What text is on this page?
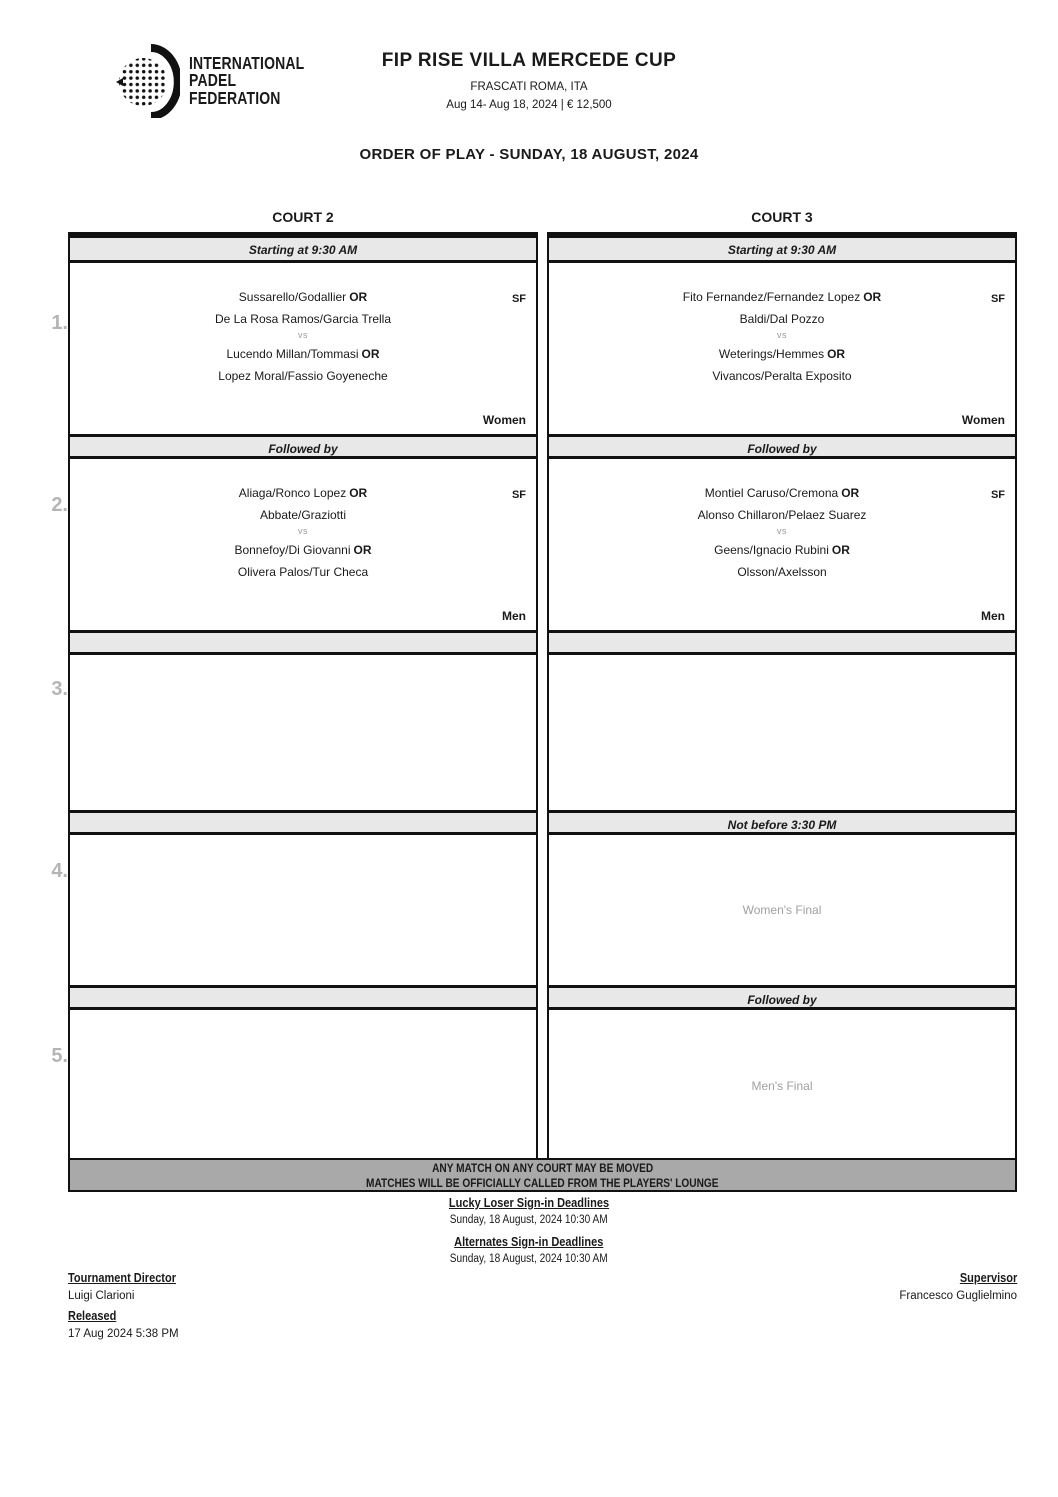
INTERNATIONAL
PADEL
FEDERATION
FIP RISE VILLA MERCEDE CUP
FRASCATI ROMA, ITA
Aug 14- Aug 18, 2024 | € 12,500
ORDER OF PLAY - SUNDAY, 18 AUGUST, 2024
COURT 2	COURT 3
Starting at 9:30 AM
SF
Sussarello/Godallier OR
De La Rosa Ramos/Garcia Trella
vs
Lucendo Millan/Tommasi OR
Lopez Moral/Fassio Goyeneche
Women
Followed by
SF
Aliaga/Ronco Lopez OR
Abbate/Graziotti
vs
Bonnefoy/Di Giovanni OR
Olivera Palos/Tur Checa
Men
Starting at 9:30 AM
SF
Fito Fernandez/Fernandez Lopez OR
Baldi/Dal Pozzo
vs
Weterings/Hemmes OR
Vivancos/Peralta Exposito
Women
Followed by
SF
Montiel Caruso/Cremona OR
Alonso Chillaron/Pelaez Suarez
vs
Geens/Ignacio Rubini OR
Olsson/Axelsson
Men
Not before 3:30 PM
Women's Final
Followed by
Men's Final
1.
2.
3.
4.
5.
ANY MATCH ON ANY COURT MAY BE MOVED
MATCHES WILL BE OFFICIALLY CALLED FROM THE PLAYERS' LOUNGE
Lucky Loser Sign-in Deadlines
Sunday, 18 August, 2024 10:30 AM
Alternates Sign-in Deadlines
Sunday, 18 August, 2024 10:30 AM
Tournament Director
Luigi Clarioni
Released
17 Aug 2024 5:38 PM
Supervisor
Francesco Guglielmino
